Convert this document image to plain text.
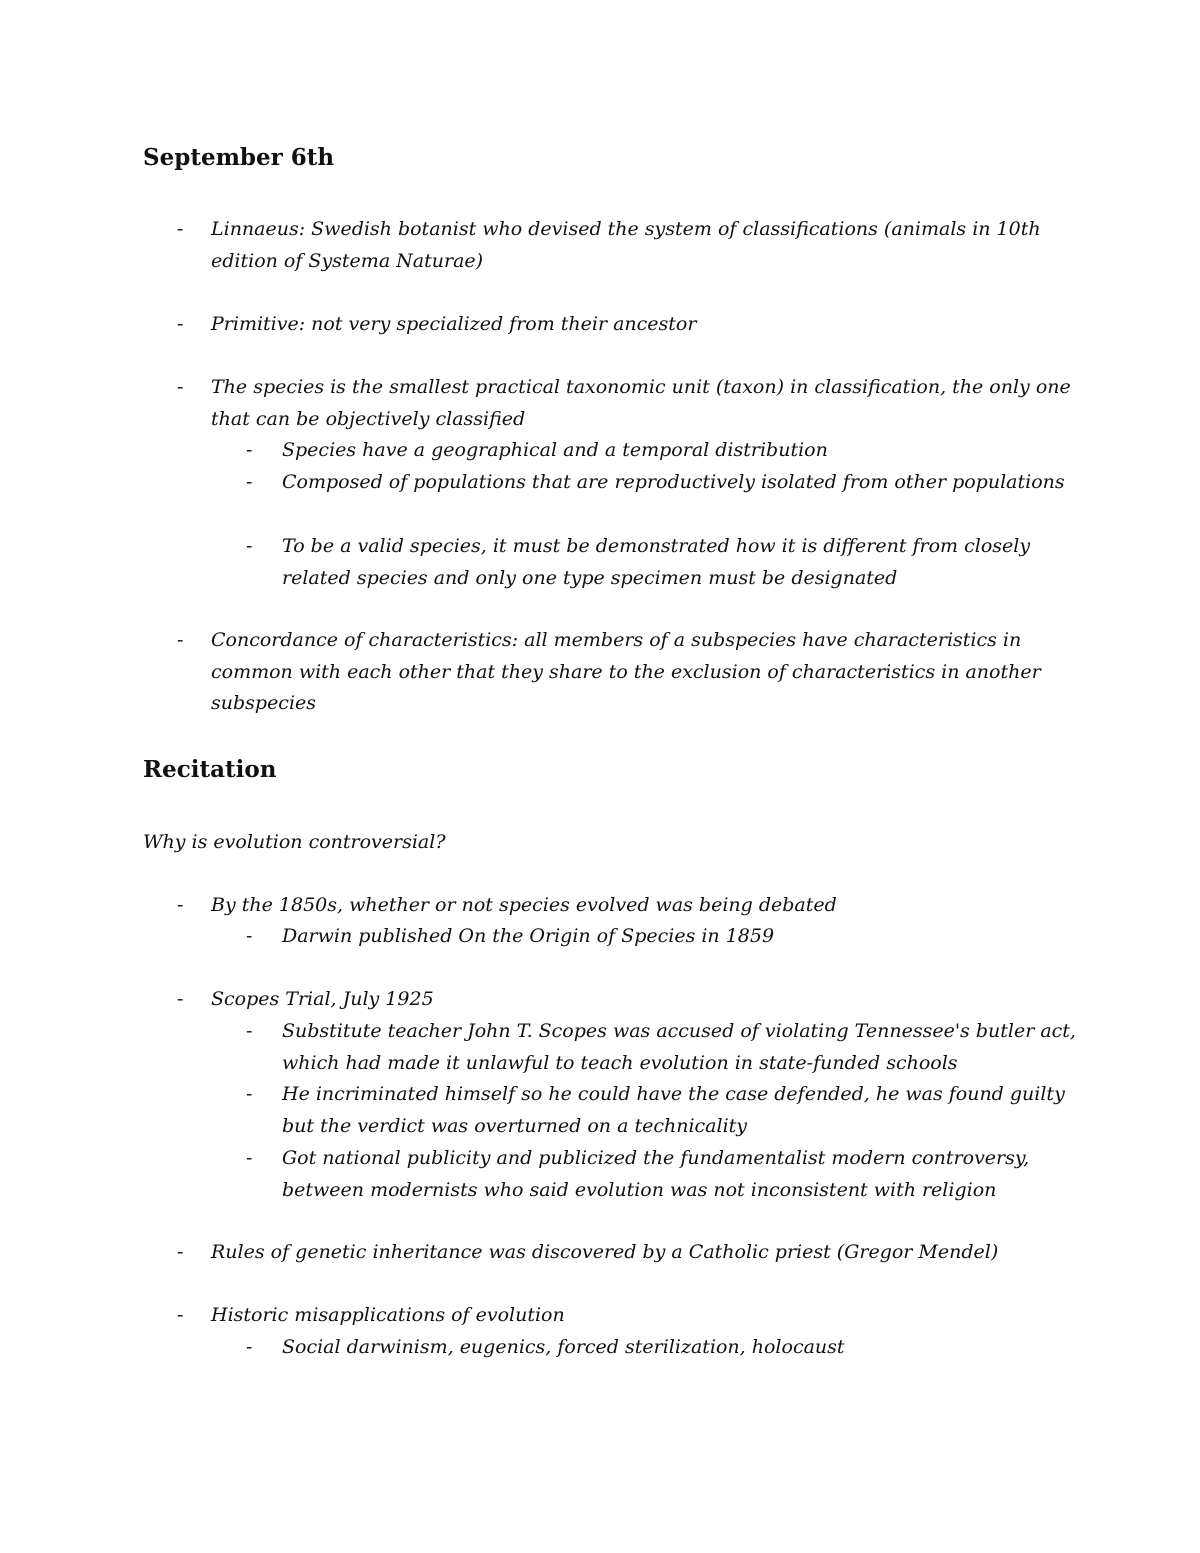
September 6th

- Linnaeus: Swedish botanist who devised the system of classifications (animals in 10th edition of Systema Naturae)

- Primitive: not very specialized from their ancestor

- The species is the smallest practical taxonomic unit (taxon) in classification, the only one that can be objectively classified

- Species have a geographical and a temporal distribution

- Composed of populations that are reproductively isolated from other populations

- To be a valid species, it must be demonstrated how it is different from closely related species and only one type specimen must be designated

- Concordance of characteristics: all members of a subspecies have characteristics in common with each other that they share to the exclusion of characteristics in another subspecies

Recitation

Why is evolution controversial?

- By the 1850s, whether or not species evolved was being debated

- Darwin published On the Origin of Species in 1859

- Scopes Trial, July 1925

- Substitute teacher John T. Scopes was accused of violating Tennessee's butler act, which had made it unlawful to teach evolution in state-funded schools

- He incriminated himself so he could have the case defended, he was found guilty but the verdict was overturned on a technicality

- Got national publicity and publicized the fundamentalist modern controversy, between modernists who said evolution was not inconsistent with religion

- Rules of genetic inheritance was discovered by a Catholic priest (Gregor Mendel)

- Historic misapplications of evolution

- Social darwinism, eugenics, forced sterilization, holocaust
